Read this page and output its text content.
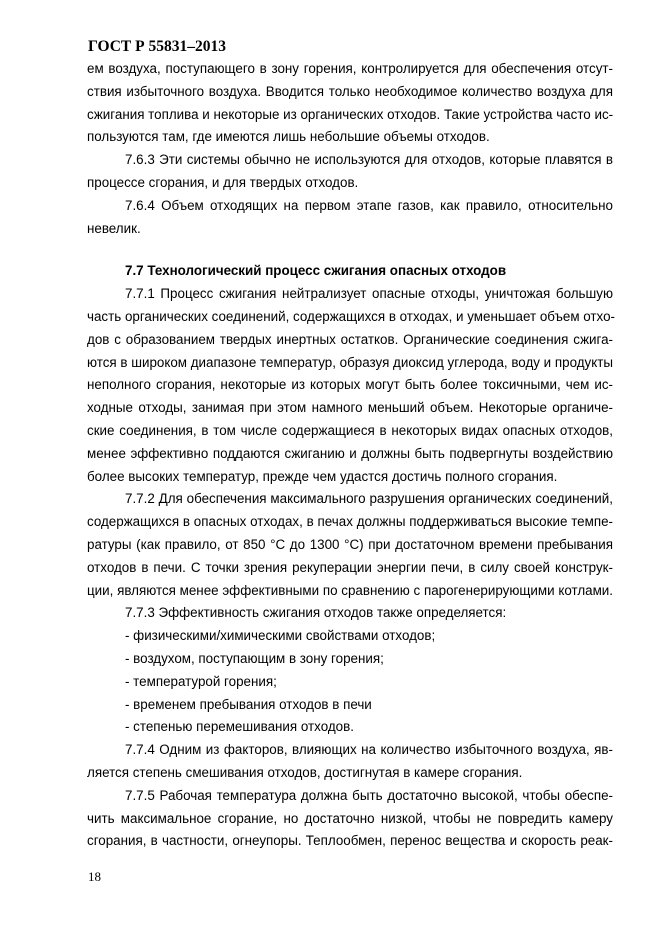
ГОСТ Р 55831–2013
ем воздуха, поступающего в зону горения, контролируется для обеспечения отсут-
ствия избыточного воздуха. Вводится только необходимое количество воздуха для
сжигания топлива и некоторые из органических отходов. Такие устройства часто ис-
пользуются там, где имеются лишь небольшие объемы отходов.
7.6.3 Эти системы обычно не используются для отходов, которые плавятся в
процессе сгорания, и для твердых отходов.
7.6.4 Объем отходящих на первом этапе газов, как правило, относительно
невелик.
7.7 Технологический процесс сжигания опасных отходов
7.7.1 Процесс сжигания нейтрализует опасные отходы, уничтожая большую
часть органических соединений, содержащихся в отходах, и уменьшает объем отхо-
дов с образованием твердых инертных остатков. Органические соединения сжига-
ются в широком диапазоне температур, образуя диоксид углерода, воду и продукты
неполного сгорания, некоторые из которых могут быть более токсичными, чем ис-
ходные отходы, занимая при этом намного меньший объем. Некоторые органиче-
ские соединения, в том числе содержащиеся в некоторых видах опасных отходов,
менее эффективно поддаются сжиганию и должны быть подвергнуты воздействию
более высоких температур, прежде чем удастся достичь полного сгорания.
7.7.2 Для обеспечения максимального разрушения органических соединений,
содержащихся в опасных отходах, в печах должны поддерживаться высокие темпе-
ратуры (как правило, от 850 °С до 1300 °С) при достаточном времени пребывания
отходов в печи. С точки зрения рекуперации энергии печи, в силу своей конструк-
ции, являются менее эффективными по сравнению с парогенерирующими котлами.
7.7.3 Эффективность сжигания отходов также определяется:
- физическими/химическими свойствами отходов;
- воздухом, поступающим в зону горения;
- температурой горения;
- временем пребывания отходов в печи
- степенью перемешивания отходов.
7.7.4 Одним из факторов, влияющих на количество избыточного воздуха, яв-
ляется степень смешивания отходов, достигнутая в камере сгорания.
7.7.5 Рабочая температура должна быть достаточно высокой, чтобы обеспе-
чить максимальное сгорание, но достаточно низкой, чтобы не повредить камеру
сгорания, в частности, огнеупоры. Теплообмен, перенос вещества и скорость реак-
18
